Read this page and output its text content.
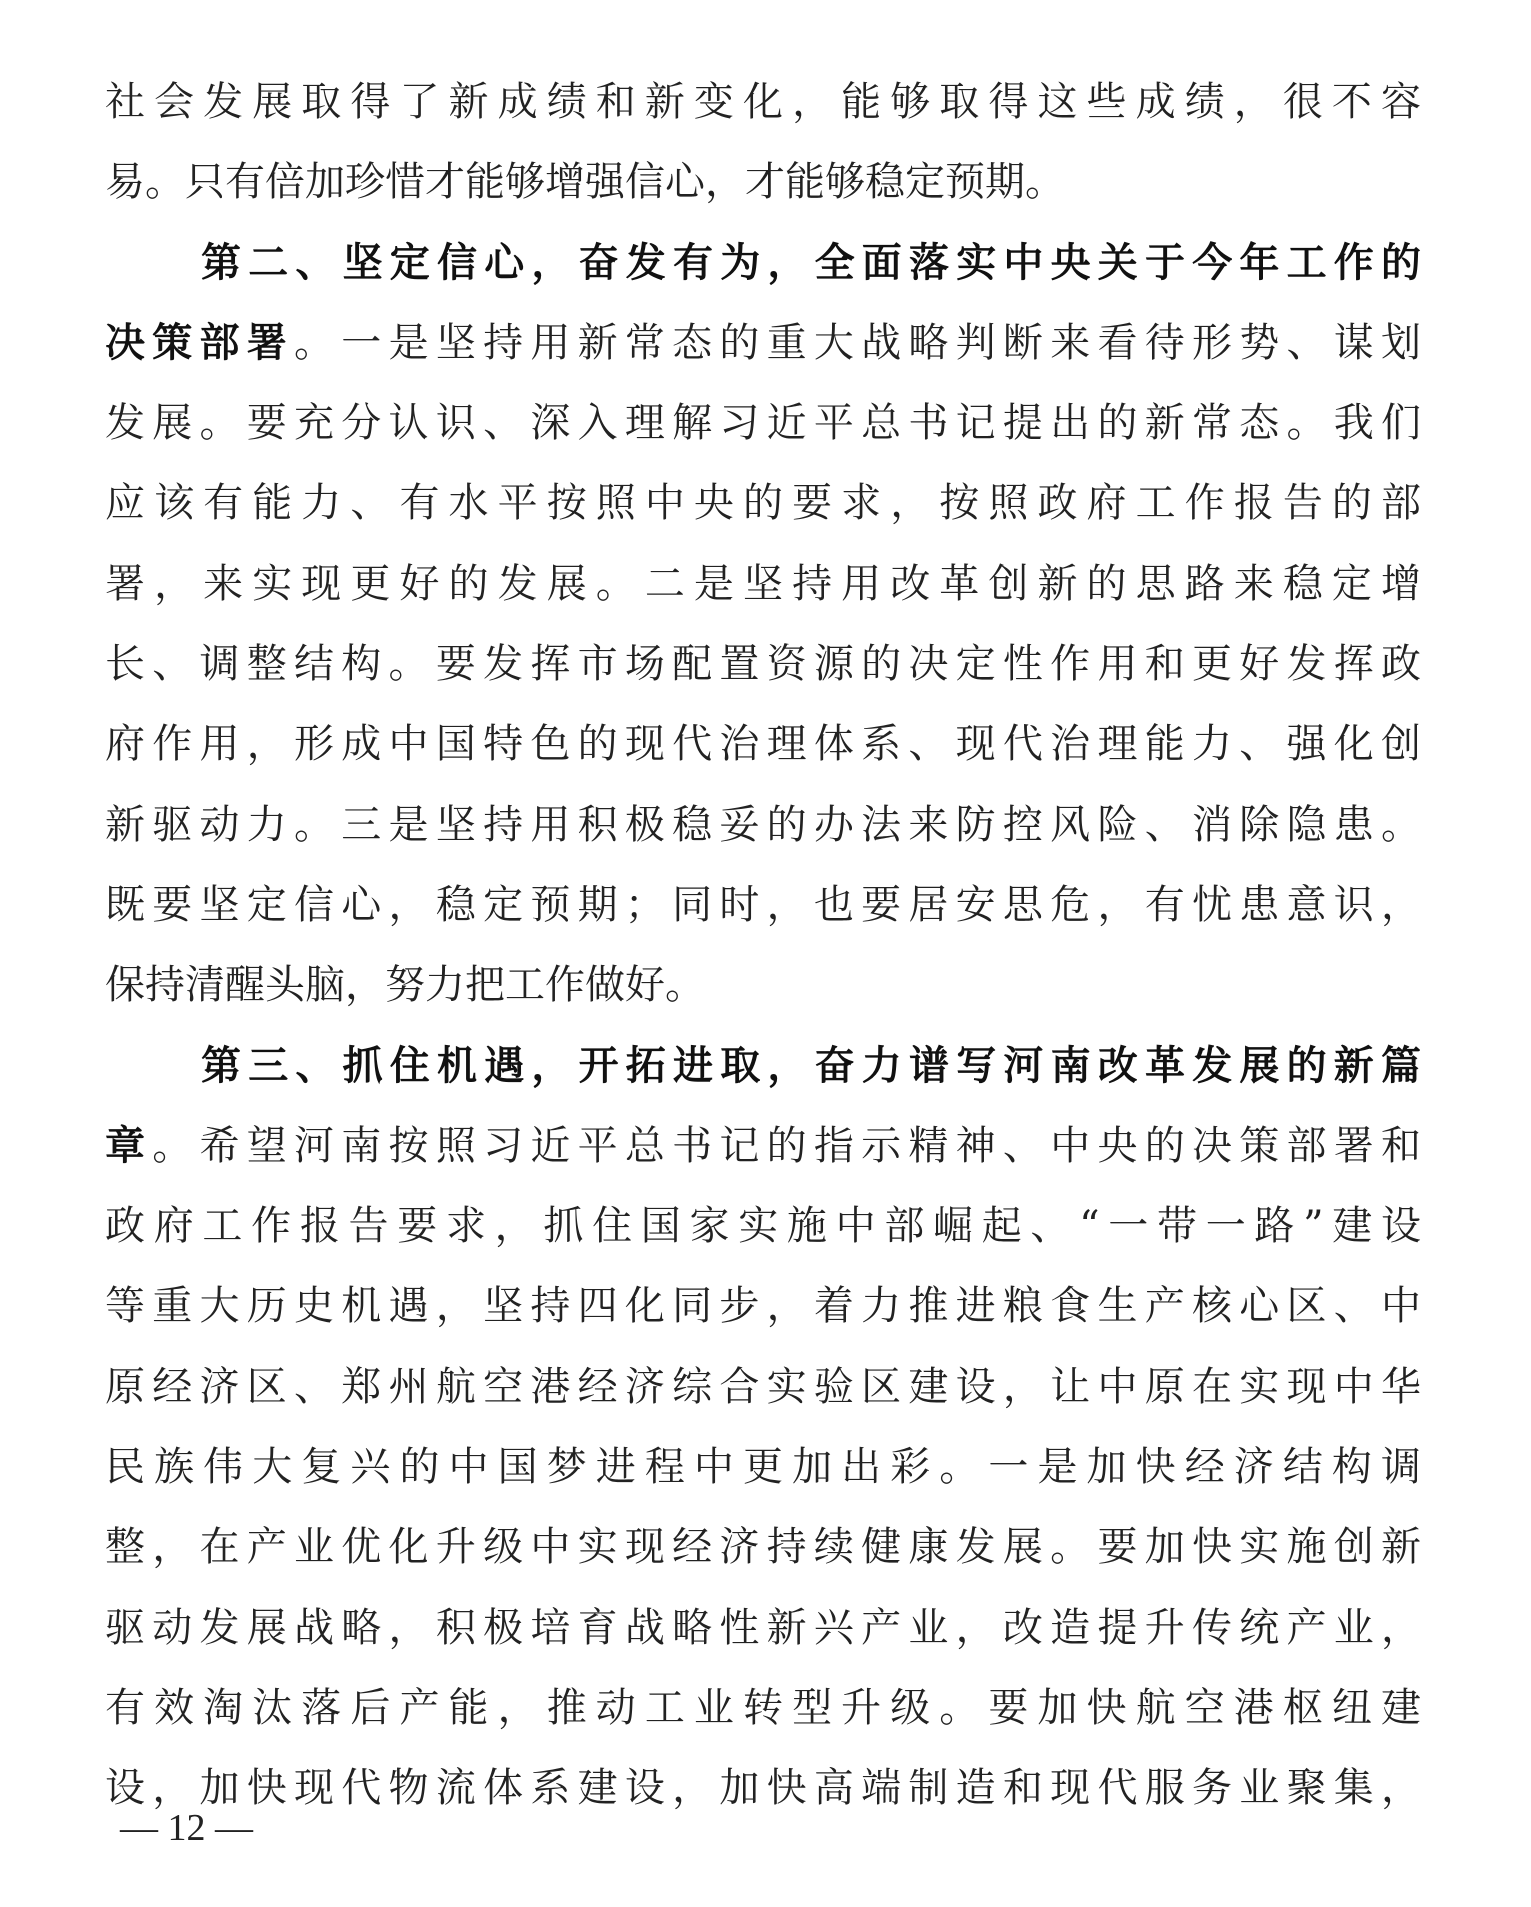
社会发展取得了新成绩和新变化，能够取得这些成绩，很不容
易。只有倍加珍惜才能够增强信心，才能够稳定预期。
第二、坚定信心，奋发有为，全面落实中央关于今年工作的
决策部署。一是坚持用新常态的重大战略判断来看待形势、谋划
发展。要充分认识、深入理解习近平总书记提出的新常态。我们
应该有能力、有水平按照中央的要求，按照政府工作报告的部
署，来实现更好的发展。二是坚持用改革创新的思路来稳定增
长、调整结构。要发挥市场配置资源的决定性作用和更好发挥政
府作用，形成中国特色的现代治理体系、现代治理能力、强化创
新驱动力。三是坚持用积极稳妥的办法来防控风险、消除隐患。
既要坚定信心，稳定预期；同时，也要居安思危，有忧患意识，
保持清醒头脑，努力把工作做好。
第三、抓住机遇，开拓进取，奋力谱写河南改革发展的新篇
章。希望河南按照习近平总书记的指示精神、中央的决策部署和
政府工作报告要求，抓住国家实施中部崛起、“一带一路”建设
等重大历史机遇，坚持四化同步，着力推进粮食生产核心区、中
原经济区、郑州航空港经济综合实验区建设，让中原在实现中华
民族伟大复兴的中国梦进程中更加出彩。一是加快经济结构调
整，在产业优化升级中实现经济持续健康发展。要加快实施创新
驱动发展战略，积极培育战略性新兴产业，改造提升传统产业，
有效淘汰落后产能，推动工业转型升级。要加快航空港枢纽建
设，加快现代物流体系建设，加快高端制造和现代服务业聚集，
— 12 —
